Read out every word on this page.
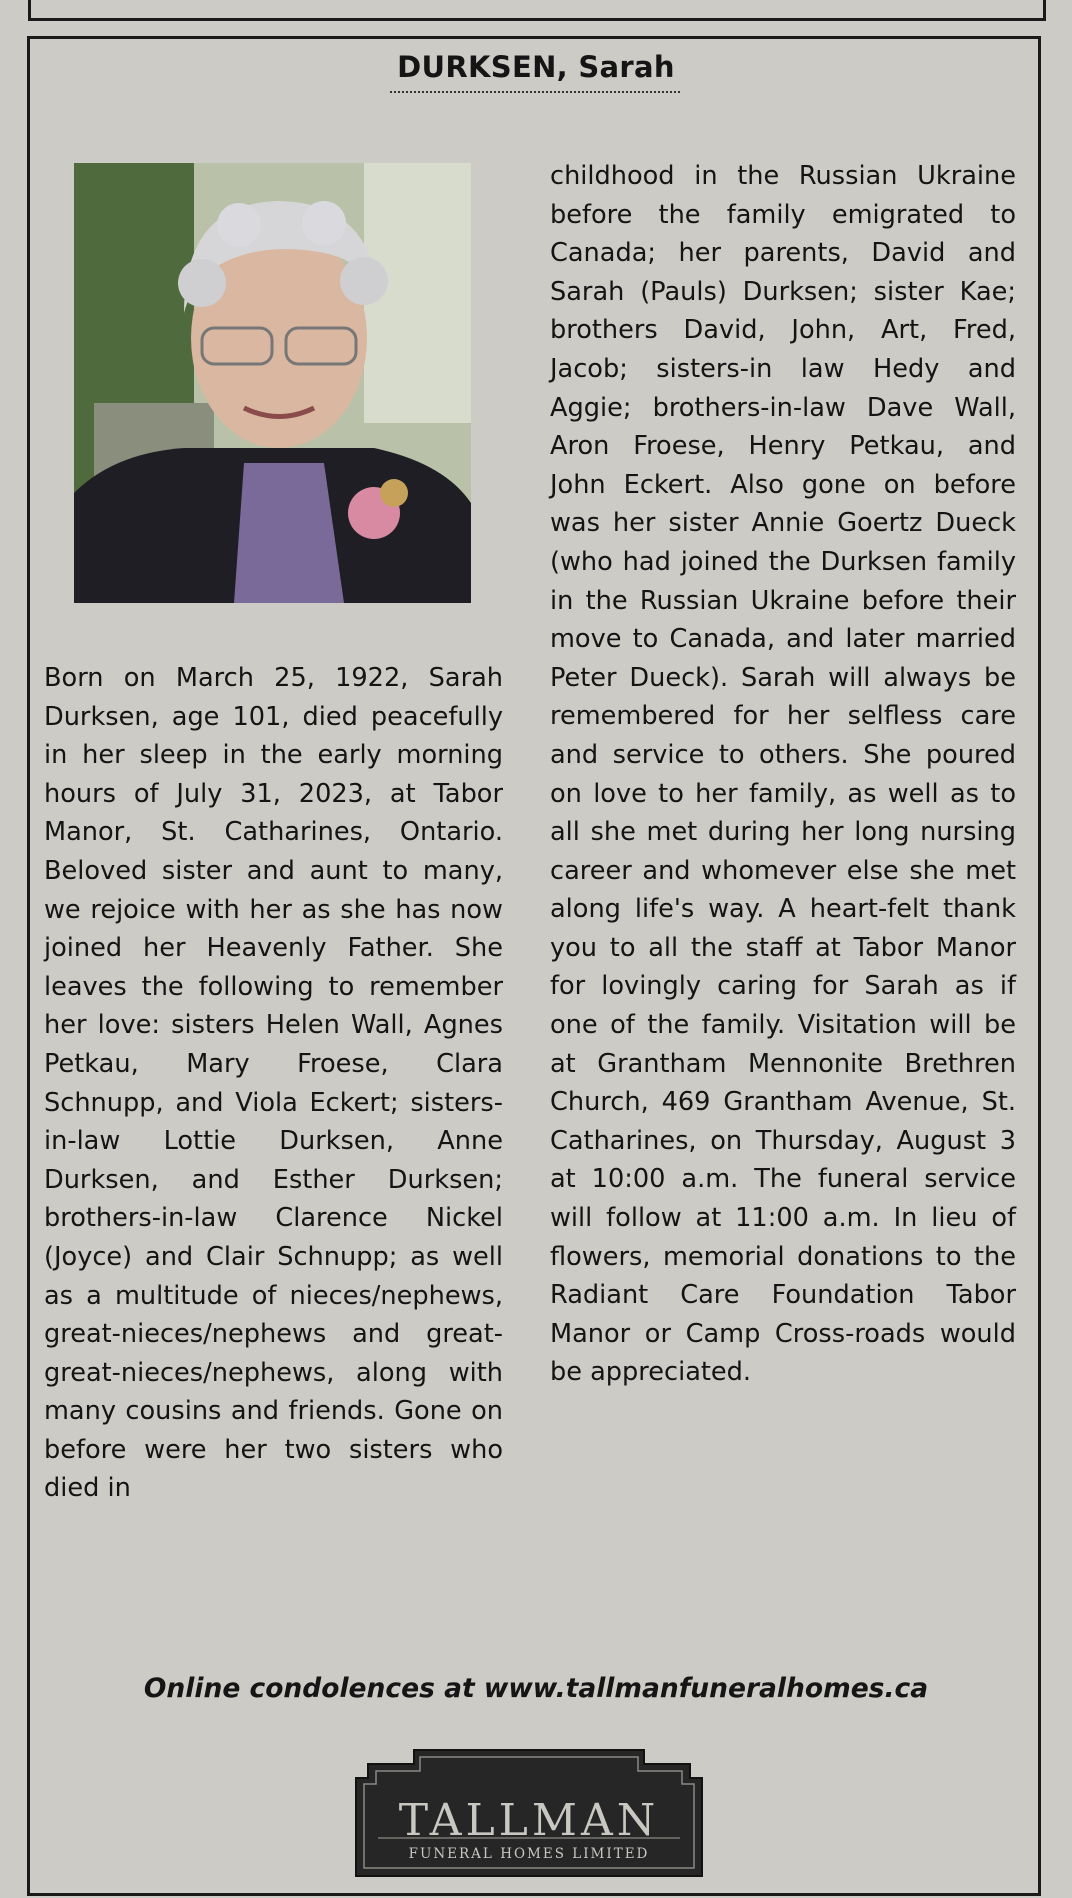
DURKSEN, Sarah
Born on March 25, 1922, Sarah Durksen, age 101, died peacefully in her sleep in the early morning hours of July 31, 2023, at Tabor Manor, St. Catharines, Ontario. Beloved sister and aunt to many, we rejoice with her as she has now joined her Heavenly Father. She leaves the following to remember her love: sisters Helen Wall, Agnes Petkau, Mary Froese, Clara Schnupp, and Viola Eckert; sisters-in-law Lottie Durksen, Anne Durksen, and Esther Durksen; brothers-in-law Clarence Nickel (Joyce) and Clair Schnupp; as well as a multitude of nieces/nephews, great-nieces/nephews and great-great-nieces/nephews, along with many cousins and friends. Gone on before were her two sisters who died in
childhood in the Russian Ukraine before the family emigrated to Canada; her parents, David and Sarah (Pauls) Durksen; sister Kae; brothers David, John, Art, Fred, Jacob; sisters-in law Hedy and Aggie; brothers-in-law Dave Wall, Aron Froese, Henry Petkau, and John Eckert. Also gone on before was her sister Annie Goertz Dueck (who had joined the Durksen family in the Russian Ukraine before their move to Canada, and later married Peter Dueck). Sarah will always be remembered for her selfless care and service to others. She poured on love to her family, as well as to all she met during her long nursing career and whomever else she met along life's way. A heart-felt thank you to all the staff at Tabor Manor for lovingly caring for Sarah as if one of the family. Visitation will be at Grantham Mennonite Brethren Church, 469 Grantham Avenue, St. Catharines, on Thursday, August 3 at 10:00 a.m. The funeral service will follow at 11:00 a.m. In lieu of flowers, memorial donations to the Radiant Care Foundation Tabor Manor or Camp Cross-roads would be appreciated.
Online condolences at www.tallmanfuneralhomes.ca
TALLMAN
FUNERAL HOMES LIMITED
